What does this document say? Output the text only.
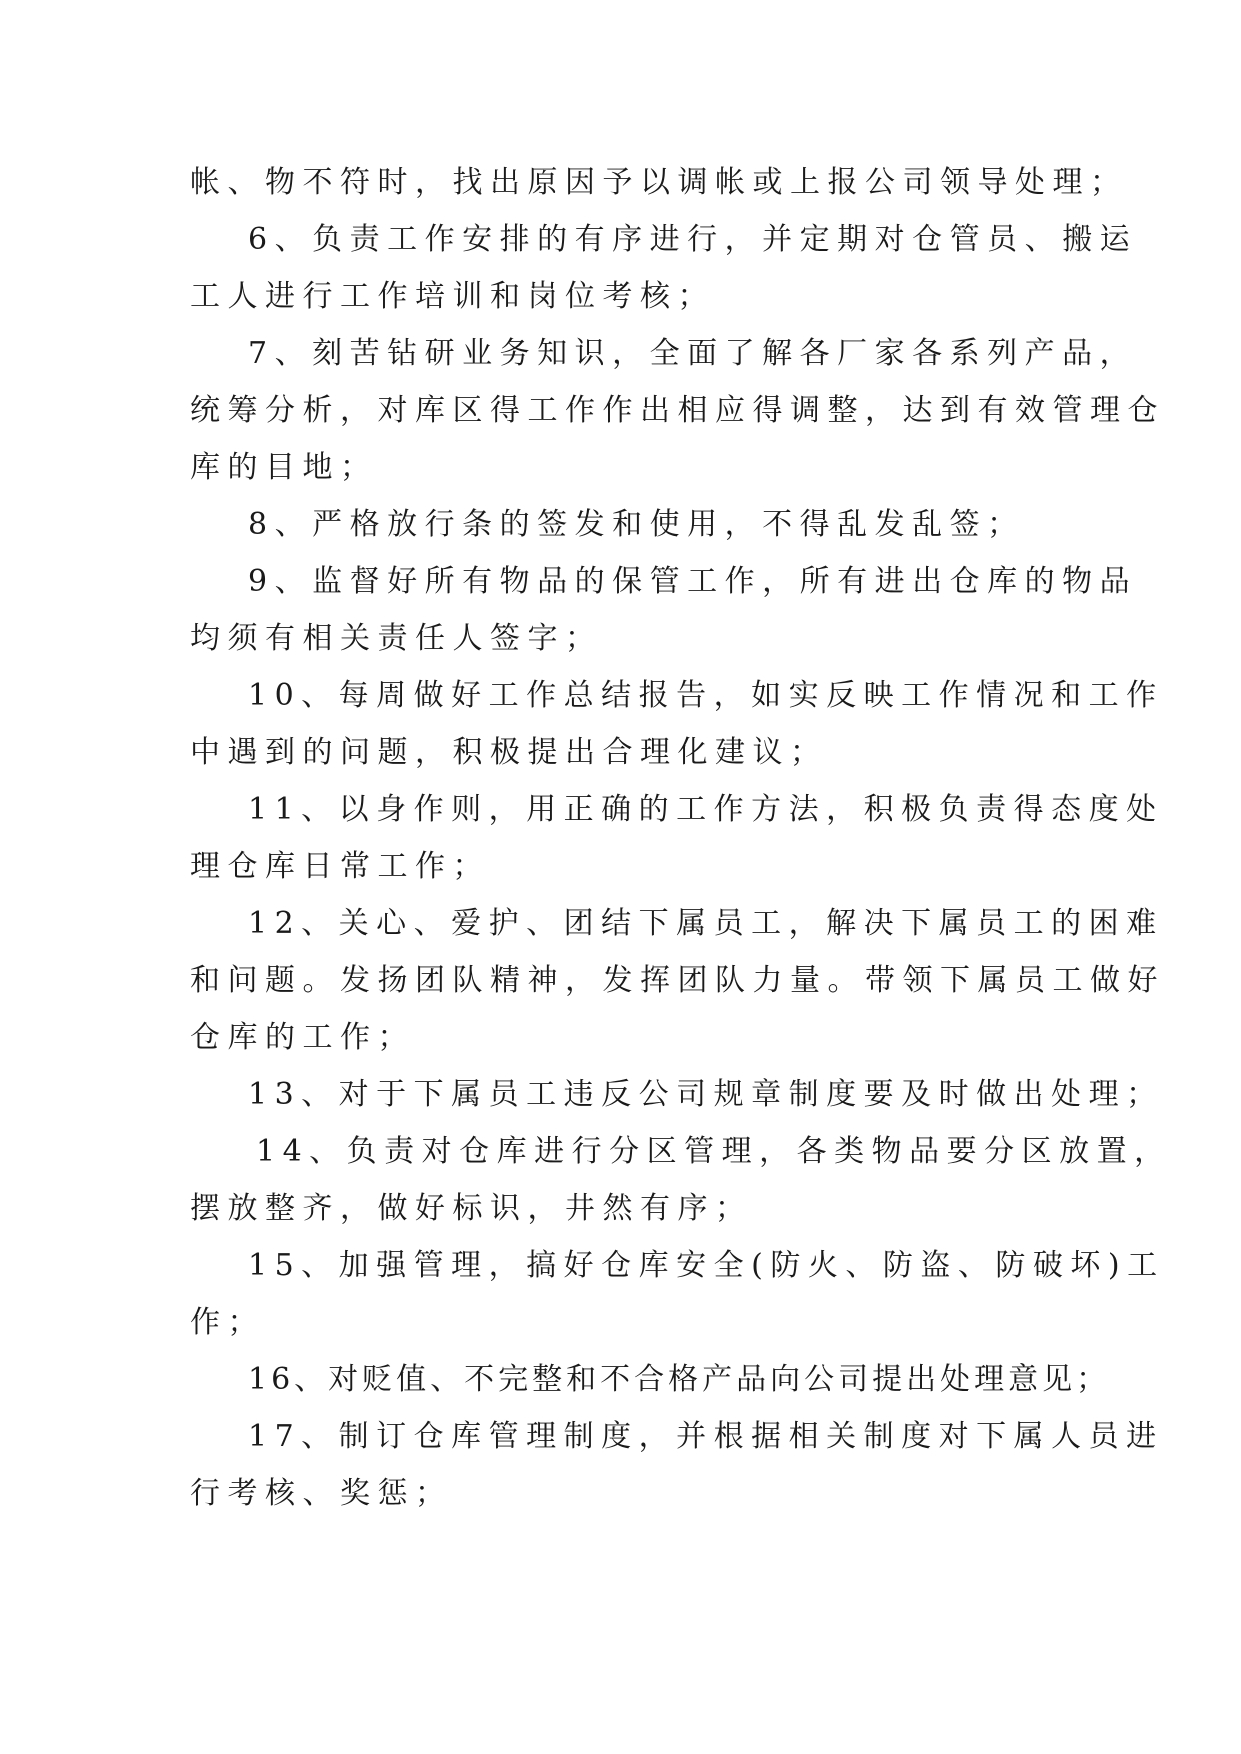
帐、物不符时，找出原因予以调帐或上报公司领导处理；

6、负责工作安排的有序进行，并定期对仓管员、搬运

工人进行工作培训和岗位考核；

7、刻苦钻研业务知识，全面了解各厂家各系列产品，

统筹分析，对库区得工作作出相应得调整，达到有效管理仓

库的目地；

8、严格放行条的签发和使用，不得乱发乱签；

9、监督好所有物品的保管工作，所有进出仓库的物品

均须有相关责任人签字；

10、每周做好工作总结报告，如实反映工作情况和工作

中遇到的问题，积极提出合理化建议；

11、以身作则，用正确的工作方法，积极负责得态度处

理仓库日常工作；

12、关心、爱护、团结下属员工，解决下属员工的困难

和问题。发扬团队精神，发挥团队力量。带领下属员工做好

仓库的工作；

13、对于下属员工违反公司规章制度要及时做出处理；

14、负责对仓库进行分区管理，各类物品要分区放置，

摆放整齐，做好标识，井然有序；

15、加强管理，搞好仓库安全(防火、防盗、防破坏)工

作；

16、对贬值、不完整和不合格产品向公司提出处理意见；

17、制订仓库管理制度，并根据相关制度对下属人员进

行考核、奖惩；
